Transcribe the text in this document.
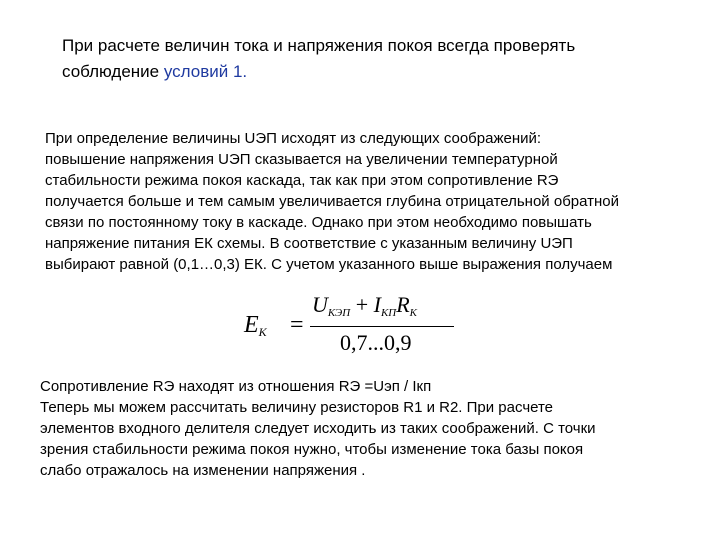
При расчете величин тока и напряжения покоя всегда проверять
соблюдение условий 1.
При определение величины UЭП исходят из следующих соображений:
повышение напряжения UЭП сказывается на увеличении температурной
стабильности режима покоя каскада, так как при этом сопротивление RЭ
получается больше и тем самым увеличивается глубина отрицательной обратной
связи по постоянному току в каскаде. Однако при этом необходимо повышать
напряжение питания ЕК схемы. В соответствие с указанным величину UЭП
выбирают равной (0,1…0,3) ЕК. С учетом указанного выше выражения получаем
$E_К$ =
$U_{КЭП} + I_{КП}R_К$
0,7...0,9
Сопротивление RЭ находят из отношения RЭ =Uэп / Iкп
Теперь мы можем рассчитать величину резисторов R1 и R2. При расчете
элементов входного делителя следует исходить из таких соображений. С точки
зрения стабильности режима покоя нужно, чтобы изменение тока базы покоя
слабо отражалось на изменении напряжения .
